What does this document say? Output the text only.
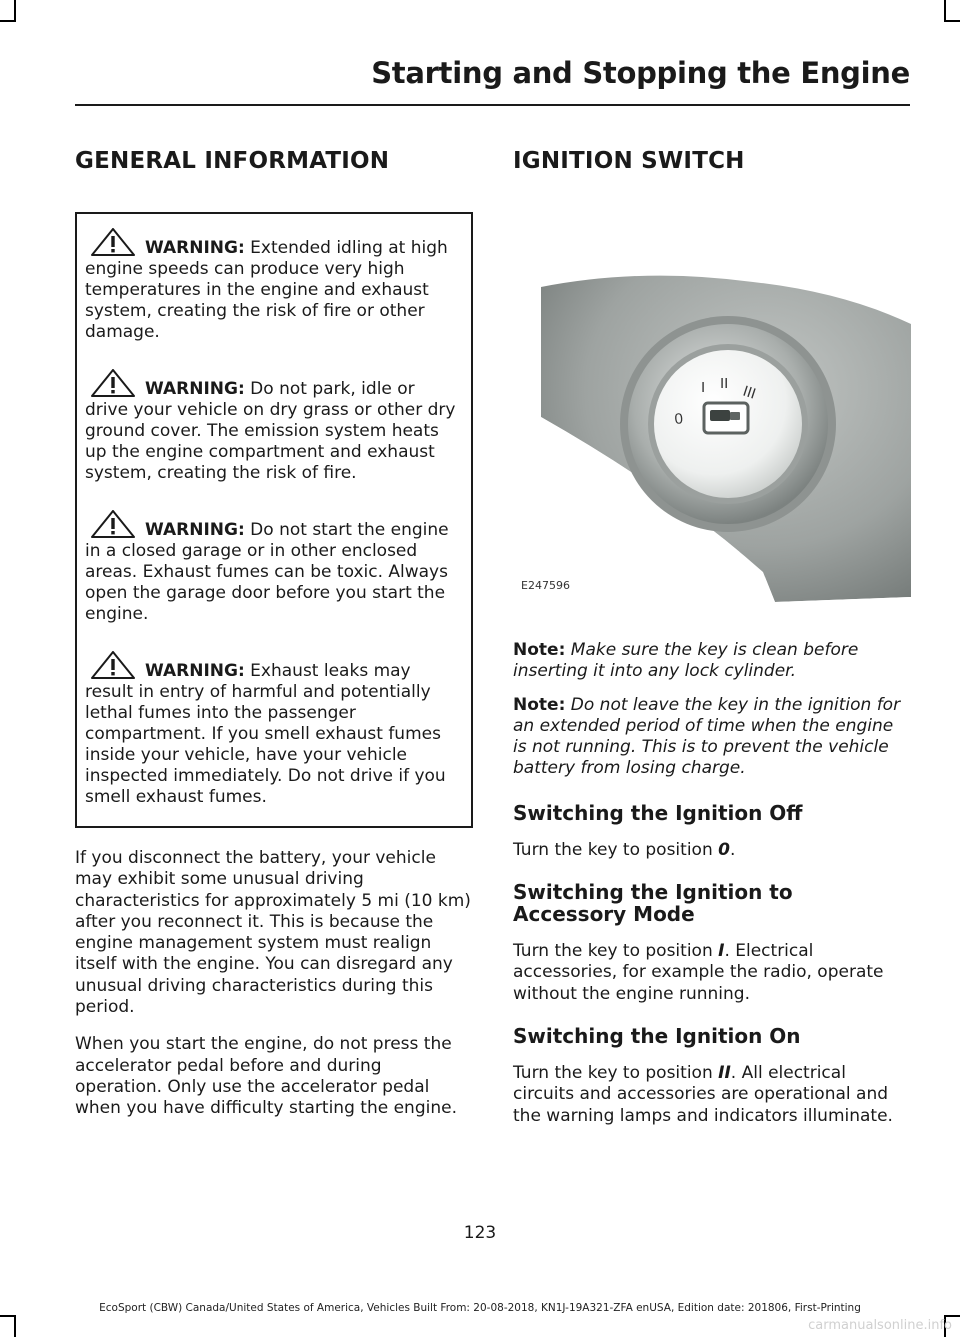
Starting and Stopping the Engine
GENERAL INFORMATION

WARNING: Extended idling at high engine speeds can produce very high temperatures in the engine and exhaust system, creating the risk of fire or other damage.

WARNING: Do not park, idle or drive your vehicle on dry grass or other dry ground cover. The emission system heats up the engine compartment and exhaust system, creating the risk of fire.

WARNING: Do not start the engine in a closed garage or in other enclosed areas. Exhaust fumes can be toxic. Always open the garage door before you start the engine.

WARNING: Exhaust leaks may result in entry of harmful and potentially lethal fumes into the passenger compartment. If you smell exhaust fumes inside your vehicle, have your vehicle inspected immediately. Do not drive if you smell exhaust fumes.

If you disconnect the battery, your vehicle may exhibit some unusual driving characteristics for approximately 5 mi (10 km) after you reconnect it. This is because the engine management system must realign itself with the engine. You can disregard any unusual driving characteristics during this period.

When you start the engine, do not press the accelerator pedal before and during operation. Only use the accelerator pedal when you have difficulty starting the engine.

IGNITION SWITCH
0
I II III
E247596

Note: Make sure the key is clean before inserting it into any lock cylinder.

Note: Do not leave the key in the ignition for an extended period of time when the engine is not running. This is to prevent the vehicle battery from losing charge.

Switching the Ignition Off

Turn the key to position 0.

Switching the Ignition to Accessory Mode

Turn the key to position I. Electrical accessories, for example the radio, operate without the engine running.

Switching the Ignition On

Turn the key to position II. All electrical circuits and accessories are operational and the warning lamps and indicators illuminate.

123
EcoSport (CBW) Canada/United States of America, Vehicles Built From: 20-08-2018, KN1J-19A321-ZFA enUSA, Edition date: 201806, First-Printing
carmanualsonline.info
